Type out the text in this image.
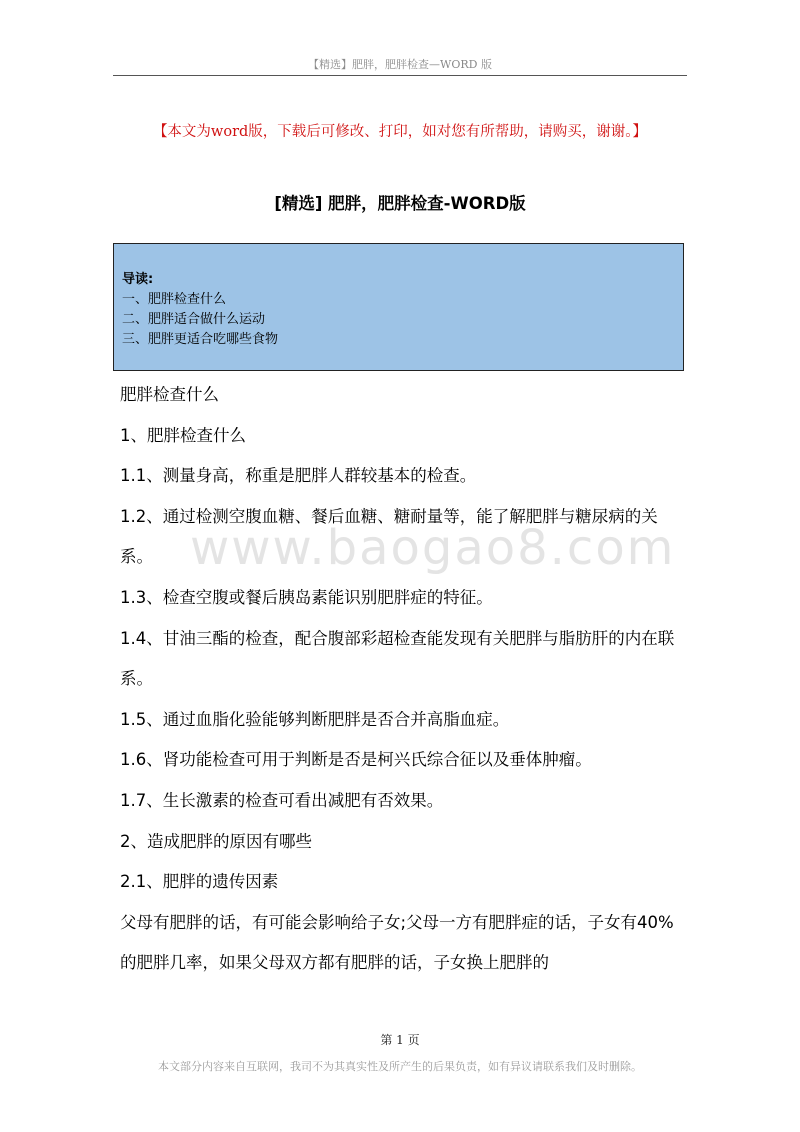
【精选】肥胖，肥胖检查—WORD 版
【本文为word版，下载后可修改、打印，如对您有所帮助，请购买，谢谢。】
[精选] 肥胖，肥胖检查-WORD版
导读:
一、肥胖检查什么
二、肥胖适合做什么运动
三、肥胖更适合吃哪些食物
www.baogao8.com

肥胖检查什么

1、肥胖检查什么

1.1、测量身高，称重是肥胖人群较基本的检查。

1.2、通过检测空腹血糖、餐后血糖、糖耐量等，能了解肥胖与糖尿病的关系。

1.3、检查空腹或餐后胰岛素能识别肥胖症的特征。

1.4、甘油三酯的检查，配合腹部彩超检查能发现有关肥胖与脂肪肝的内在联系。

1.5、通过血脂化验能够判断肥胖是否合并高脂血症。

1.6、肾功能检查可用于判断是否是柯兴氏综合征以及垂体肿瘤。

1.7、生长激素的检查可看出减肥有否效果。

2、造成肥胖的原因有哪些

2.1、肥胖的遗传因素

父母有肥胖的话，有可能会影响给子女;父母一方有肥胖症的话，子女有40%的肥胖几率，如果父母双方都有肥胖的话，子女换上肥胖的

第 1 页
本文部分内容来自互联网，我司不为其真实性及所产生的后果负责，如有异议请联系我们及时删除。
